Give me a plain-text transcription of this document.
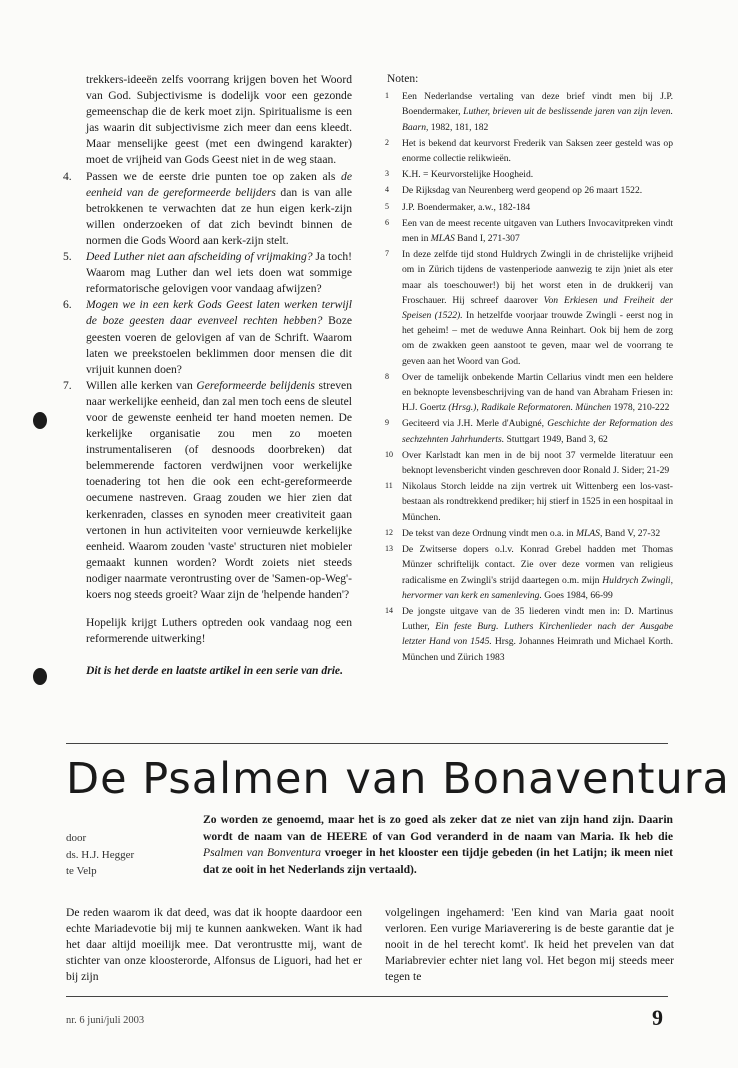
trekkers-ideeën zelfs voorrang krijgen boven het Woord van God. Subjectivisme is dodelijk voor een gezonde gemeenschap die de kerk moet zijn. Spiritualisme is een jas waarin dit subjectivisme zich meer dan eens kleedt. Maar menselijke geest (met een dwingend karakter) moet de vrijheid van Gods Geest niet in de weg staan.

4. Passen we de eerste drie punten toe op zaken als de eenheid van de gereformeerde belijders dan is van alle betrokkenen te verwachten dat ze hun eigen kerk-zijn willen onderzoeken of dat zich bevindt binnen de normen die Gods Woord aan kerk-zijn stelt.
5. Deed Luther niet aan afscheiding of vrijmaking? Ja toch! Waarom mag Luther dan wel iets doen wat sommige reformatorische gelovigen voor vandaag afwijzen?
6. Mogen we in een kerk Gods Geest laten werken terwijl de boze geesten daar evenveel rechten hebben? Boze geesten voeren de gelovigen af van de Schrift. Waarom laten we preekstoelen beklimmen door mensen die dit vrijuit kunnen doen?
7. Willen alle kerken van Gereformeerde belijdenis streven naar werkelijke eenheid, dan zal men toch eens de sleutel voor de gewenste eenheid ter hand moeten nemen. De kerkelijke organisatie zou men zo moeten instrumentaliseren (of desnoods doorbreken) dat belemmerende factoren verdwijnen voor werkelijke toenadering tot hen die ook een echt-gereformeerde oecumene nastreven. Graag zouden we hier zien dat kerkenraden, classes en synoden meer creativiteit gaan vertonen in hun activiteiten voor vernieuwde kerkelijke eenheid. Waarom zouden 'vaste' structuren niet mobieler gemaakt kunnen worden? Wordt zoiets niet steeds nodiger naarmate verontrusting over de 'Samen-op-Weg'-koers nog steeds groeit? Waar zijn de 'helpende handen'?

Hopelijk krijgt Luthers optreden ook vandaag nog een reformerende uitwerking!

Dit is het derde en laatste artikel in een serie van drie.

Noten:

1 Een Nederlandse vertaling van deze brief vindt men bij J.P. Boendermaker, Luther, brieven uit de beslissende jaren van zijn leven. Baarn, 1982, 181, 182
2 Het is bekend dat keurvorst Frederik van Saksen zeer gesteld was op enorme collectie relikwieën.
3 K.H. = Keurvorstelijke Hoogheid.
4 De Rijksdag van Neurenberg werd geopend op 26 maart 1522.
5 J.P. Boendermaker, a.w., 182-184
6 Een van de meest recente uitgaven van Luthers Invocavitpreken vindt men in MLAS Band I, 271-307
7 In deze zelfde tijd stond Huldrych Zwingli in de christelijke vrijheid om in Zürich tijdens de vastenperiode aanwezig te zijn )niet als eter maar als toeschouwer!) bij het worst eten in de drukkerij van Froschauer. Hij schreef daarover Von Erkiesen und Freiheit der Speisen (1522). In hetzelfde voorjaar trouwde Zwingli - eerst nog in het geheim! – met de weduwe Anna Reinhart. Ook bij hem de zorg om de zwakken geen aanstoot te geven, maar wel de voorrang te geven aan het Woord van God.
8 Over de tamelijk onbekende Martin Cellarius vindt men een heldere en beknopte levensbeschrijving van de hand van Abraham Friesen in: H.J. Goertz (Hrsg.), Radikale Reformatoren. München 1978, 210-222
9 Geciteerd via J.H. Merle d'Aubigné, Geschichte der Reformation des sechzehnten Jahrhunderts. Stuttgart 1949, Band 3, 62
10 Over Karlstadt kan men in de bij noot 37 vermelde literatuur een beknopt levensbericht vinden geschreven door Ronald J. Sider; 21-29
11 Nikolaus Storch leidde na zijn vertrek uit Wittenberg een los-vast-bestaan als rondtrekkend prediker; hij stierf in 1525 in een hospitaal in München.
12 De tekst van deze Ordnung vindt men o.a. in MLAS, Band V, 27-32
13 De Zwitserse dopers o.l.v. Konrad Grebel hadden met Thomas Münzer schriftelijk contact. Zie over deze vormen van religieus radicalisme en Zwingli's strijd daartegen o.m. mijn Huldrych Zwingli, hervormer van kerk en samenleving. Goes 1984, 66-99
14 De jongste uitgave van de 35 liederen vindt men in: D. Martinus Luther, Ein feste Burg. Luthers Kirchenlieder nach der Ausgabe letzter Hand von 1545. Hrsg. Johannes Heimrath und Michael Korth. München und Zürich 1983
De Psalmen van Bonaventura
door
ds. H.J. Hegger
te Velp
Zo worden ze genoemd, maar het is zo goed als zeker dat ze niet van zijn hand zijn. Daarin wordt de naam van de HEERE of van God veranderd in de naam van Maria. Ik heb die Psalmen van Bonventura vroeger in het klooster een tijdje gebeden (in het Latijn; ik meen niet dat ze ooit in het Nederlands zijn vertaald).
De reden waarom ik dat deed, was dat ik hoopte daardoor een echte Mariadevotie bij mij te kunnen aankweken. Want ik had het daar altijd moeilijk mee. Dat verontrustte mij, want de stichter van onze kloosterorde, Alfonsus de Liguori, had het er bij zijn
volgelingen ingehamerd: 'Een kind van Maria gaat nooit verloren. Een vurige Mariaverering is de beste garantie dat je nooit in de hel terecht komt'. Ik heid het prevelen van dat Mariabrevier echter niet lang vol. Het begon mij steeds meer tegen te
nr. 6 juni/juli 2003	9
